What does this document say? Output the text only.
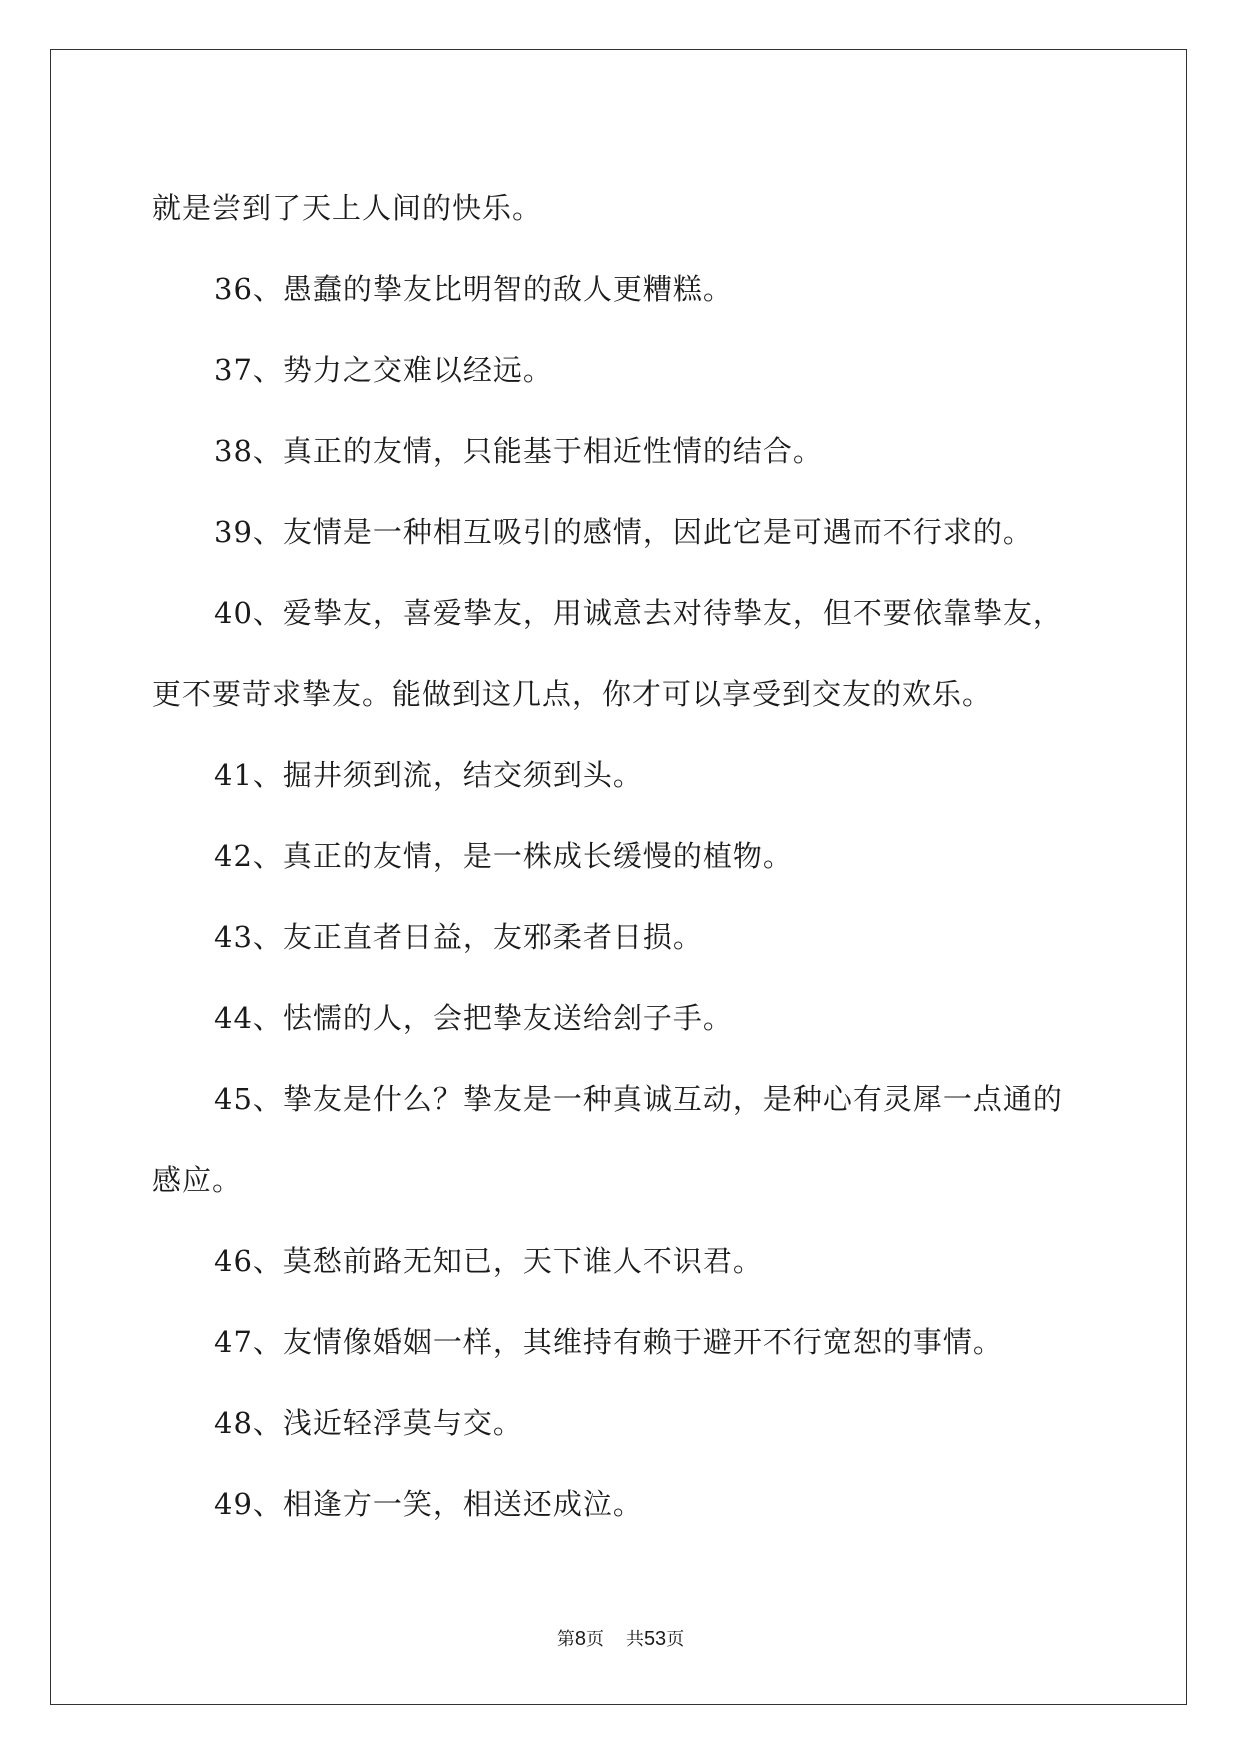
就是尝到了天上人间的快乐。

36、愚蠢的挚友比明智的敌人更糟糕。

37、势力之交难以经远。

38、真正的友情，只能基于相近性情的结合。

39、友情是一种相互吸引的感情，因此它是可遇而不行求的。

40、爱挚友，喜爱挚友，用诚意去对待挚友，但不要依靠挚友，

更不要苛求挚友。能做到这几点，你才可以享受到交友的欢乐。

41、掘井须到流，结交须到头。

42、真正的友情，是一株成长缓慢的植物。

43、友正直者日益，友邪柔者日损。

44、怯懦的人，会把挚友送给刽子手。

45、挚友是什么？挚友是一种真诚互动，是种心有灵犀一点通的

感应。

46、莫愁前路无知已，天下谁人不识君。

47、友情像婚姻一样，其维持有赖于避开不行宽恕的事情。

48、浅近轻浮莫与交。

49、相逢方一笑，相送还成泣。

第8页 共53页
